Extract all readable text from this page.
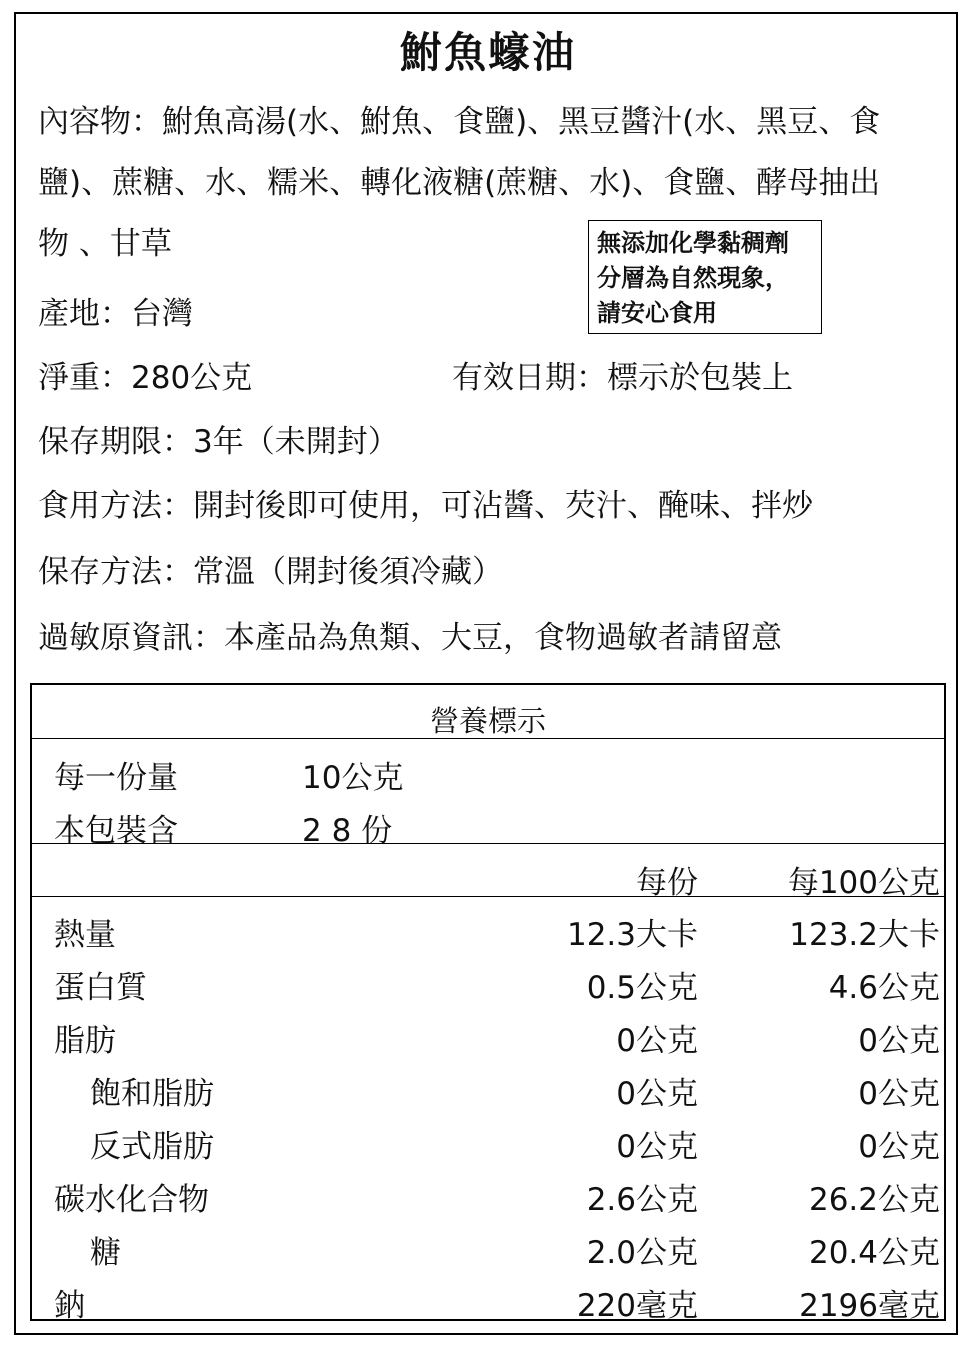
鮒魚蠔油
內容物：鮒魚高湯(水、鮒魚、食鹽)、黑豆醬汁(水、黑豆、食
鹽)、蔗糖、水、糯米、轉化液糖(蔗糖、水)、食鹽、酵母抽出
物 、甘草	無添加化學黏稠劑
分層為自然現象，
請安心食用
產地：台灣
淨重：280公克	有效日期：標示於包裝上
保存期限：3年（未開封）
食用方法：開封後即可使用，可沾醬、芡汁、醃味、拌炒
保存方法：常溫（開封後須冷藏）
過敏原資訊：本產品為魚類、大豆，食物過敏者請留意
營養標示
每一份量	10公克
本包裝含	2 8 份
每份	每100公克
熱量	12.3大卡	123.2大卡
蛋白質	0.5公克	4.6公克
脂肪	0公克	0公克
飽和脂肪	0公克	0公克
反式脂肪	0公克	0公克
碳水化合物	2.6公克	26.2公克
糖	2.0公克	20.4公克
鈉	220毫克	2196毫克
